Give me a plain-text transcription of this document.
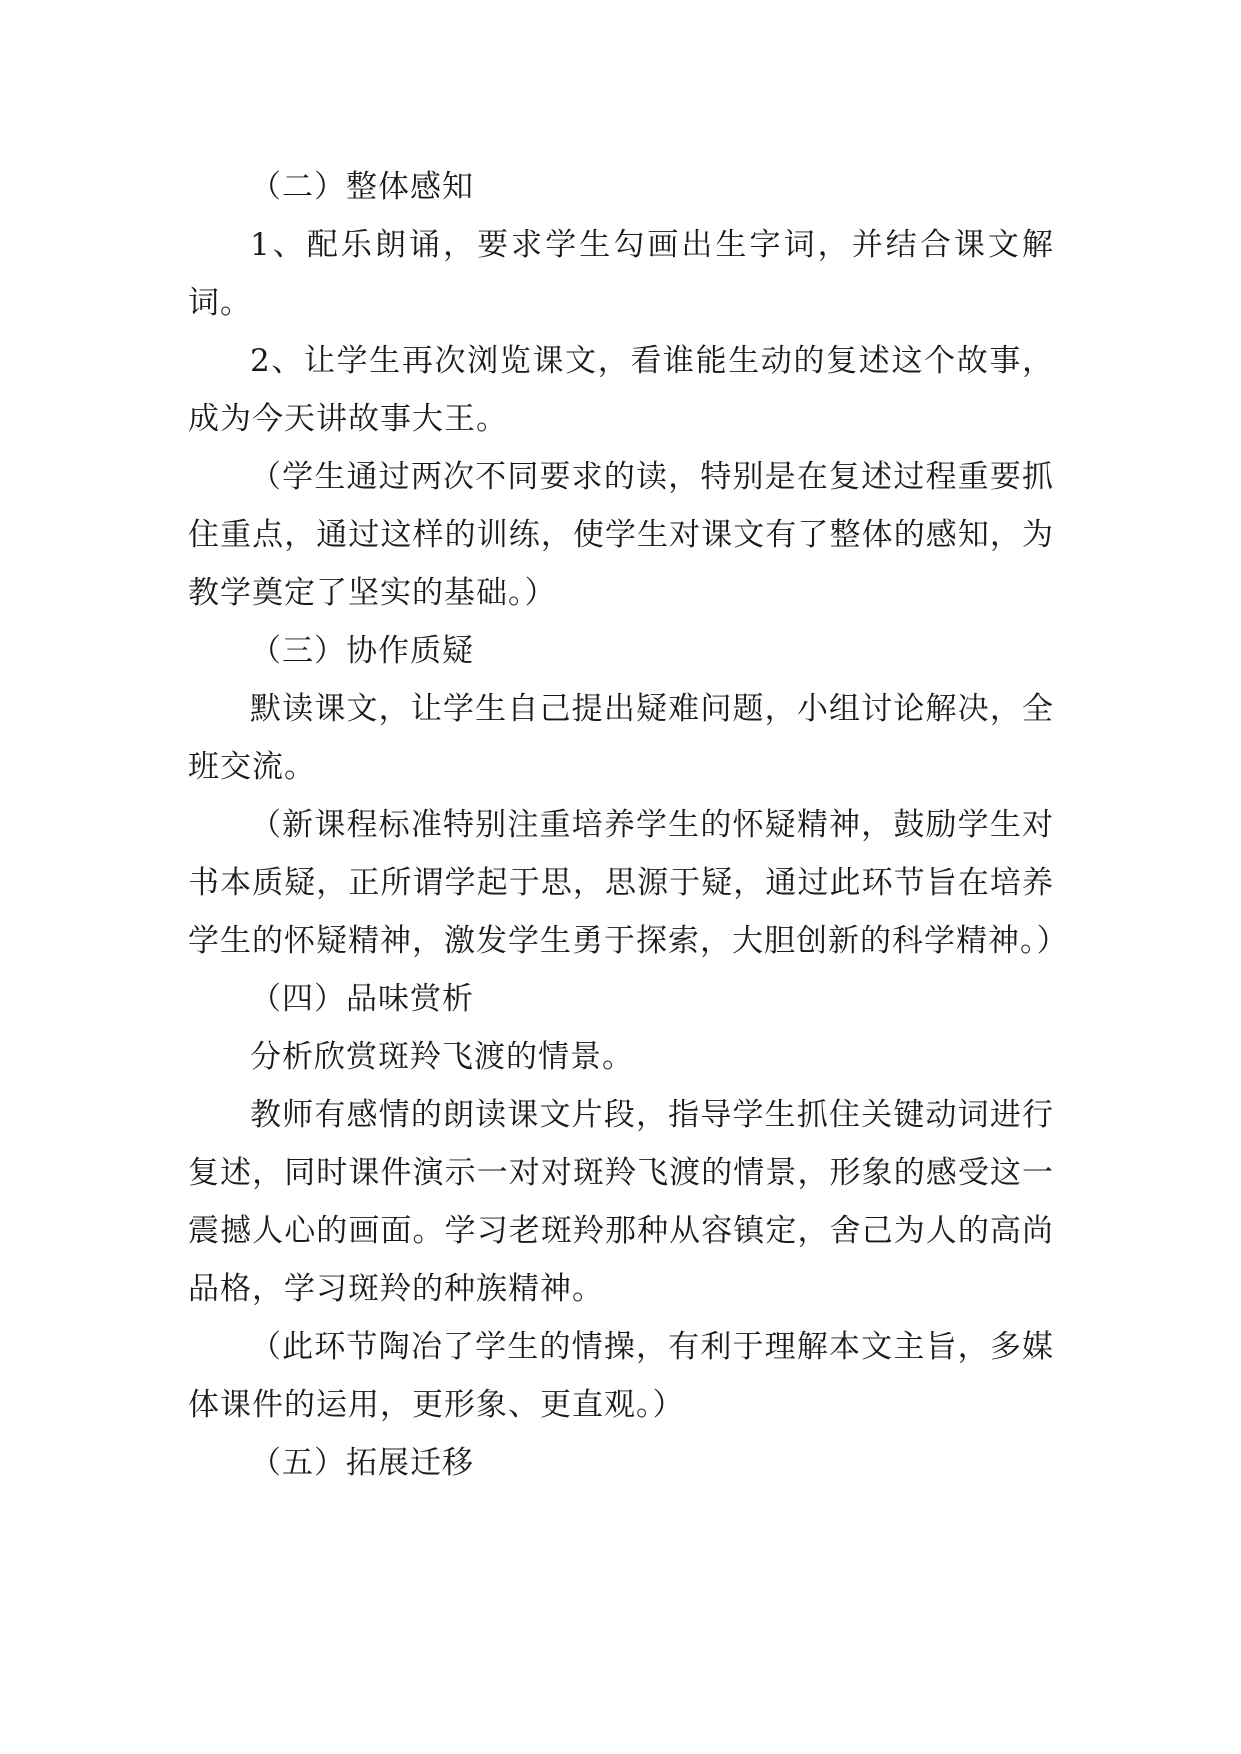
（二）整体感知

1、配乐朗诵，要求学生勾画出生字词，并结合课文解词。

2、让学生再次浏览课文，看谁能生动的复述这个故事，成为今天讲故事大王。

（学生通过两次不同要求的读，特别是在复述过程重要抓住重点，通过这样的训练，使学生对课文有了整体的感知，为教学奠定了坚实的基础。）

（三）协作质疑

默读课文，让学生自己提出疑难问题，小组讨论解决，全班交流。

（新课程标准特别注重培养学生的怀疑精神，鼓励学生对书本质疑，正所谓学起于思，思源于疑，通过此环节旨在培养学生的怀疑精神，激发学生勇于探索，大胆创新的科学精神。）

（四）品味赏析

分析欣赏斑羚飞渡的情景。

教师有感情的朗读课文片段，指导学生抓住关键动词进行复述，同时课件演示一对对斑羚飞渡的情景，形象的感受这一震撼人心的画面。学习老斑羚那种从容镇定，舍己为人的高尚品格，学习斑羚的种族精神。

（此环节陶冶了学生的情操，有利于理解本文主旨，多媒体课件的运用，更形象、更直观。）

（五）拓展迁移
